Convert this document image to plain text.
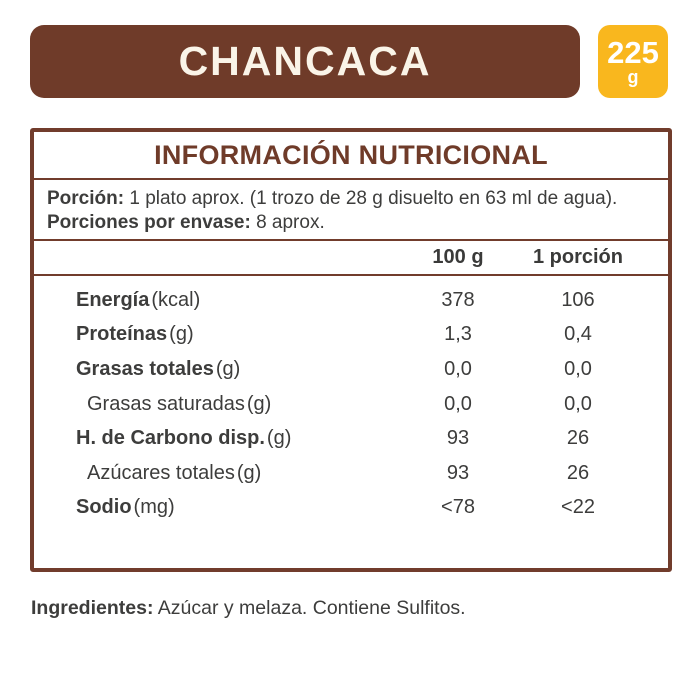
CHANCACA	225
g
INFORMACIÓN NUTRICIONAL
Porción: 1 plato aprox. (1 trozo de 28 g disuelto en 63 ml de agua).
Porciones por envase: 8 aprox.
100 g	1 porción
Energía (kcal)	378	106
Proteínas (g)	1,3	0,4
Grasas totales (g)	0,0	0,0
Grasas saturadas (g)	0,0	0,0
H. de Carbono disp. (g)	93	26
Azúcares totales (g)	93	26
Sodio (mg)	<78	<22
Ingredientes: Azúcar y melaza. Contiene Sulfitos.
